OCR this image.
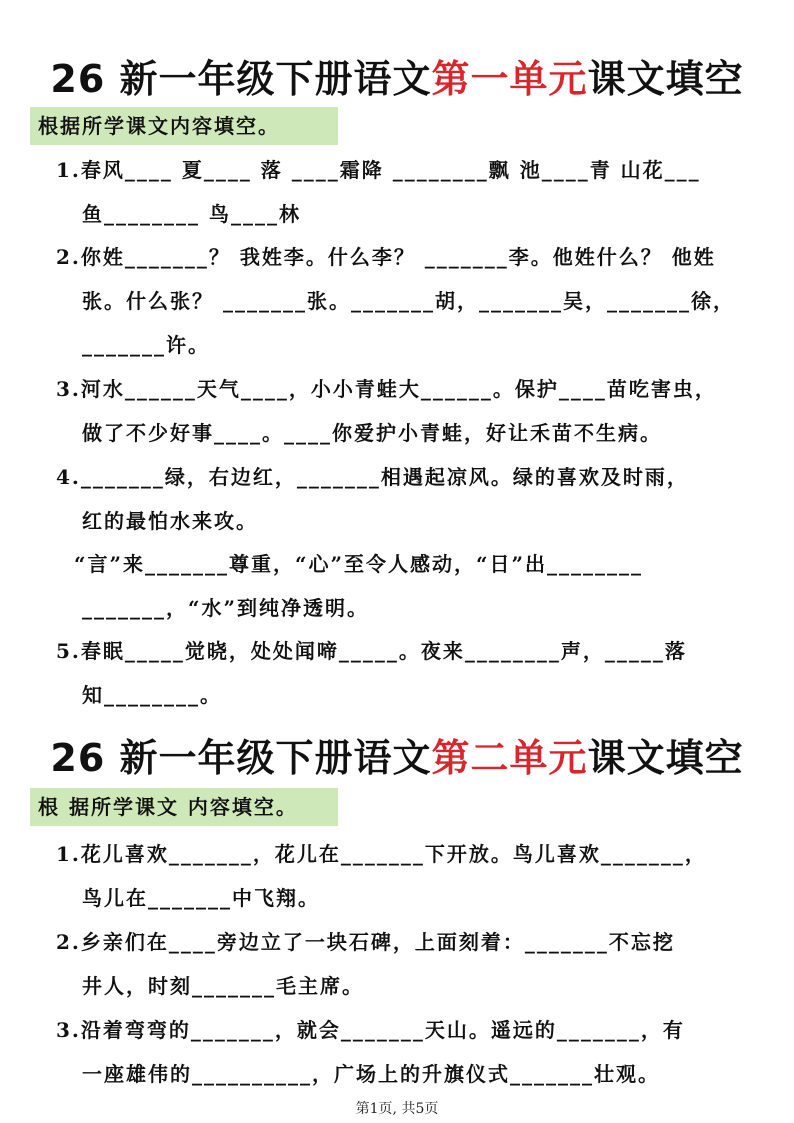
26 新一年级下册语文第一单元课文填空
根据所学课文内容填空。
1.春风____ 夏____ 落 ____霜降 ________飘 池____青 山花___
鱼________ 鸟____林
2.你姓_______？ 我姓李。什么李？ _______李。他姓什么？ 他姓
张。什么张？ _______张。_______胡，_______吴，_______徐，
_______许。
3.河水______天气____，小小青蛙大______。保护____苗吃害虫，
做了不少好事____。____你爱护小青蛙，好让禾苗不生病。
4._______绿，右边红，_______相遇起凉风。绿的喜欢及时雨，
红的最怕水来攻。
“言”来_______尊重，“心”至令人感动，“日”出________
_______，“水”到纯净透明。
5.春眠_____觉晓，处处闻啼_____。夜来________声，_____落
知________。
26 新一年级下册语文第二单元课文填空
根 据所学课文 内容填空。
1.花儿喜欢_______，花儿在_______下开放。鸟儿喜欢_______，
鸟儿在_______中飞翔。
2.乡亲们在____旁边立了一块石碑，上面刻着：_______不忘挖
井人，时刻_______毛主席。
3.沿着弯弯的_______，就会_______天山。遥远的_______，有
一座雄伟的__________，广场上的升旗仪式_______壮观。
第1页, 共5页
